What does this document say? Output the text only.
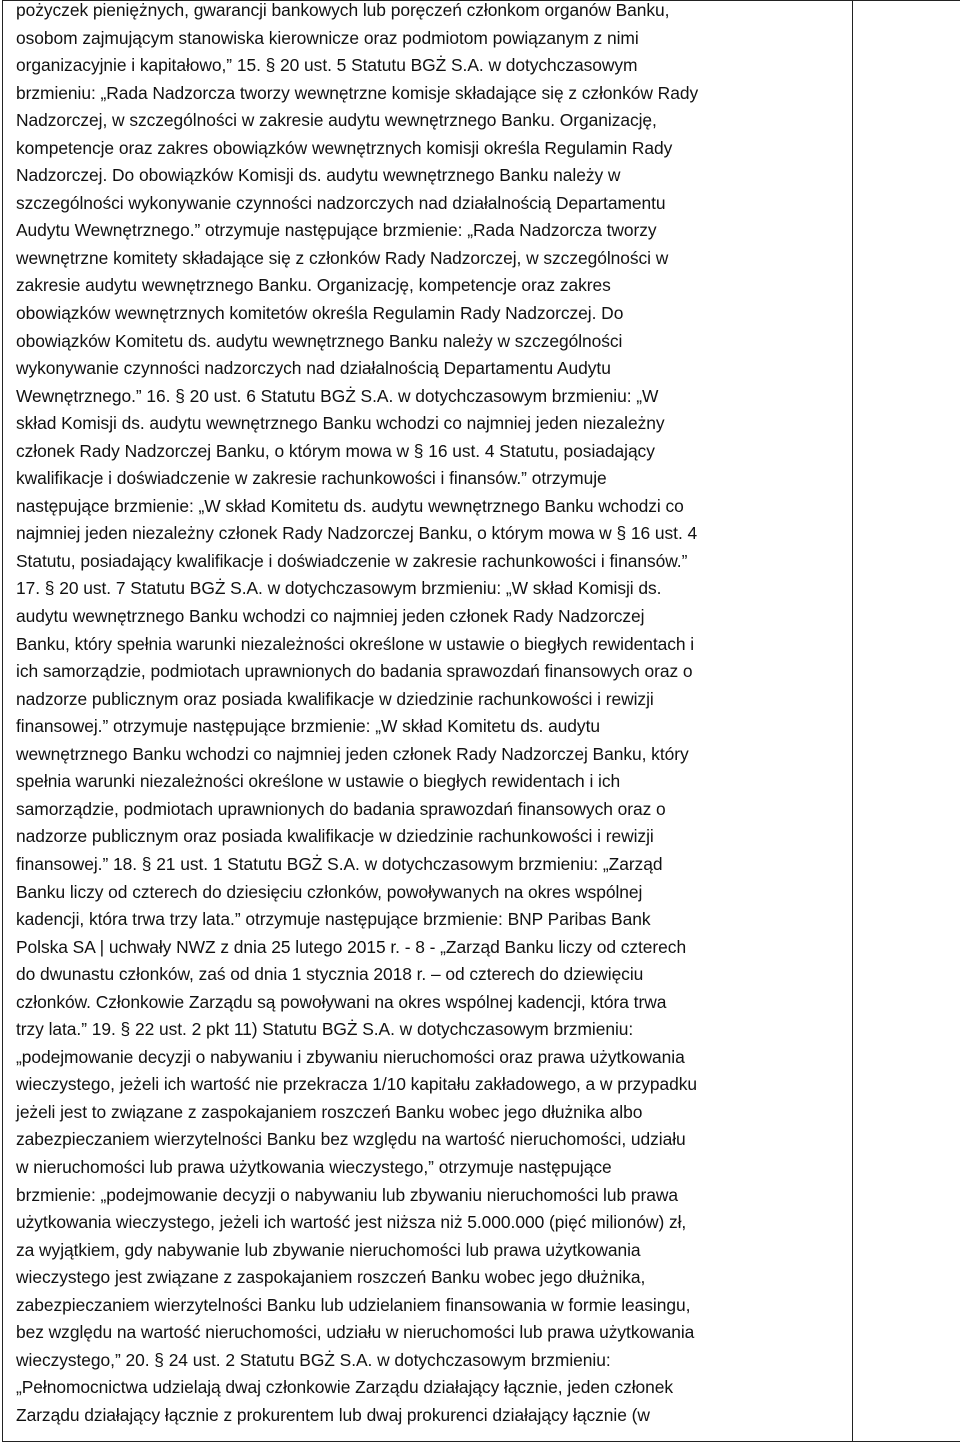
pożyczek pieniężnych, gwarancji bankowych lub poręczeń członkom organów Banku,
osobom zajmującym stanowiska kierownicze oraz podmiotom powiązanym z nimi
organizacyjnie i kapitałowo,” 15. § 20 ust. 5 Statutu BGŻ S.A. w dotychczasowym
brzmieniu: „Rada Nadzorcza tworzy wewnętrzne komisje składające się z członków Rady
Nadzorczej, w szczególności w zakresie audytu wewnętrznego Banku. Organizację,
kompetencje oraz zakres obowiązków wewnętrznych komisji określa Regulamin Rady
Nadzorczej. Do obowiązków Komisji ds. audytu wewnętrznego Banku należy w
szczególności wykonywanie czynności nadzorczych nad działalnością Departamentu
Audytu Wewnętrznego.” otrzymuje następujące brzmienie: „Rada Nadzorcza tworzy
wewnętrzne komitety składające się z członków Rady Nadzorczej, w szczególności w
zakresie audytu wewnętrznego Banku. Organizację, kompetencje oraz zakres
obowiązków wewnętrznych komitetów określa Regulamin Rady Nadzorczej. Do
obowiązków Komitetu ds. audytu wewnętrznego Banku należy w szczególności
wykonywanie czynności nadzorczych nad działalnością Departamentu Audytu
Wewnętrznego.” 16. § 20 ust. 6 Statutu BGŻ S.A. w dotychczasowym brzmieniu: „W
skład Komisji ds. audytu wewnętrznego Banku wchodzi co najmniej jeden niezależny
członek Rady Nadzorczej Banku, o którym mowa w § 16 ust. 4 Statutu, posiadający
kwalifikacje i doświadczenie w zakresie rachunkowości i finansów.” otrzymuje
następujące brzmienie: „W skład Komitetu ds. audytu wewnętrznego Banku wchodzi co
najmniej jeden niezależny członek Rady Nadzorczej Banku, o którym mowa w § 16 ust. 4
Statutu, posiadający kwalifikacje i doświadczenie w zakresie rachunkowości i finansów.”
17. § 20 ust. 7 Statutu BGŻ S.A. w dotychczasowym brzmieniu: „W skład Komisji ds.
audytu wewnętrznego Banku wchodzi co najmniej jeden członek Rady Nadzorczej
Banku, który spełnia warunki niezależności określone w ustawie o biegłych rewidentach i
ich samorządzie, podmiotach uprawnionych do badania sprawozdań finansowych oraz o
nadzorze publicznym oraz posiada kwalifikacje w dziedzinie rachunkowości i rewizji
finansowej.” otrzymuje następujące brzmienie: „W skład Komitetu ds. audytu
wewnętrznego Banku wchodzi co najmniej jeden członek Rady Nadzorczej Banku, który
spełnia warunki niezależności określone w ustawie o biegłych rewidentach i ich
samorządzie, podmiotach uprawnionych do badania sprawozdań finansowych oraz o
nadzorze publicznym oraz posiada kwalifikacje w dziedzinie rachunkowości i rewizji
finansowej.” 18. § 21 ust. 1 Statutu BGŻ S.A. w dotychczasowym brzmieniu: „Zarząd
Banku liczy od czterech do dziesięciu członków, powoływanych na okres wspólnej
kadencji, która trwa trzy lata.” otrzymuje następujące brzmienie: BNP Paribas Bank
Polska SA | uchwały NWZ z dnia 25 lutego 2015 r. - 8 - „Zarząd Banku liczy od czterech
do dwunastu członków, zaś od dnia 1 stycznia 2018 r. – od czterech do dziewięciu
członków. Członkowie Zarządu są powoływani na okres wspólnej kadencji, która trwa
trzy lata.” 19. § 22 ust. 2 pkt 11) Statutu BGŻ S.A. w dotychczasowym brzmieniu:
„podejmowanie decyzji o nabywaniu i zbywaniu nieruchomości oraz prawa użytkowania
wieczystego, jeżeli ich wartość nie przekracza 1/10 kapitału zakładowego, a w przypadku
jeżeli jest to związane z zaspokajaniem roszczeń Banku wobec jego dłużnika albo
zabezpieczaniem wierzytelności Banku bez względu na wartość nieruchomości, udziału
w nieruchomości lub prawa użytkowania wieczystego,” otrzymuje następujące
brzmienie: „podejmowanie decyzji o nabywaniu lub zbywaniu nieruchomości lub prawa
użytkowania wieczystego, jeżeli ich wartość jest niższa niż 5.000.000 (pięć milionów) zł,
za wyjątkiem, gdy nabywanie lub zbywanie nieruchomości lub prawa użytkowania
wieczystego jest związane z zaspokajaniem roszczeń Banku wobec jego dłużnika,
zabezpieczaniem wierzytelności Banku lub udzielaniem finansowania w formie leasingu,
bez względu na wartość nieruchomości, udziału w nieruchomości lub prawa użytkowania
wieczystego,” 20. § 24 ust. 2 Statutu BGŻ S.A. w dotychczasowym brzmieniu:
„Pełnomocnictwa udzielają dwaj członkowie Zarządu działający łącznie, jeden członek
Zarządu działający łącznie z prokurentem lub dwaj prokurenci działający łącznie (w
